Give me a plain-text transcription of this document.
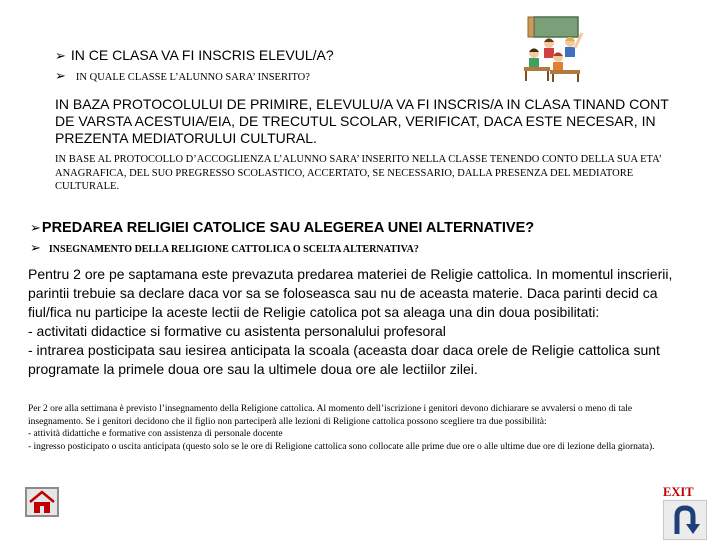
➢ IN CE CLASA VA FI INSCRIS ELEVUL/A?
➢ IN QUALE CLASSE L’ALUNNO SARA’ INSERITO?
IN BAZA PROTOCOLULUI DE PRIMIRE, ELEVULU/A VA FI INSCRIS/A IN CLASA TINAND CONT DE VARSTA ACESTUIA/EIA, DE TRECUTUL SCOLAR, VERIFICAT, DACA ESTE NECESAR, IN PREZENTA MEDIATORULUI CULTURAL.
IN BASE AL PROTOCOLLO D’ACCOGLIENZA L’ALUNNO SARA’ INSERITO NELLA CLASSE TENENDO CONTO DELLA SUA ETA’ ANAGRAFICA, DEL SUO PREGRESSO SCOLASTICO, ACCERTATO, SE NECESSARIO, DALLA PRESENZA DEL MEDIATORE CULTURALE.
➢PREDAREA RELIGIEI CATOLICE SAU ALEGEREA UNEI ALTERNATIVE?
➢ INSEGNAMENTO DELLA RELIGIONE CATTOLICA O SCELTA ALTERNATIVA?
Pentru 2 ore pe saptamana este prevazuta predarea materiei de Religie cattolica. In momentul inscrierii, parintii trebuie sa declare daca vor sa se foloseasca sau nu de aceasta materie. Daca parinti decid ca fiul/fica nu participe la aceste lectii de Religie catolica pot sa aleaga una din doua posibilitati:
- activitati didactice si formative cu asistenta personalului profesoral
- intrarea posticipata sau iesirea anticipata la scoala (aceasta doar daca orele de Religie cattolica sunt programate la primele doua ore sau la ultimele doua ore ale lectiilor zilei.
Per 2 ore alla settimana è previsto l’insegnamento della Religione cattolica. Al momento dell’iscrizione i genitori devono dichiarare se avvalersi o meno di tale insegnamento. Se i genitori decidono che il figlio non parteciperà alle lezioni di Religione cattolica possono scegliere tra due possibilità:
- attività didattiche e formative con assistenza di personale docente
- ingresso posticipato o uscita anticipata (questo solo se le ore di Religione cattolica sono collocate alle prime due ore o alle ultime due ore di lezione della giornata).
EXIT
